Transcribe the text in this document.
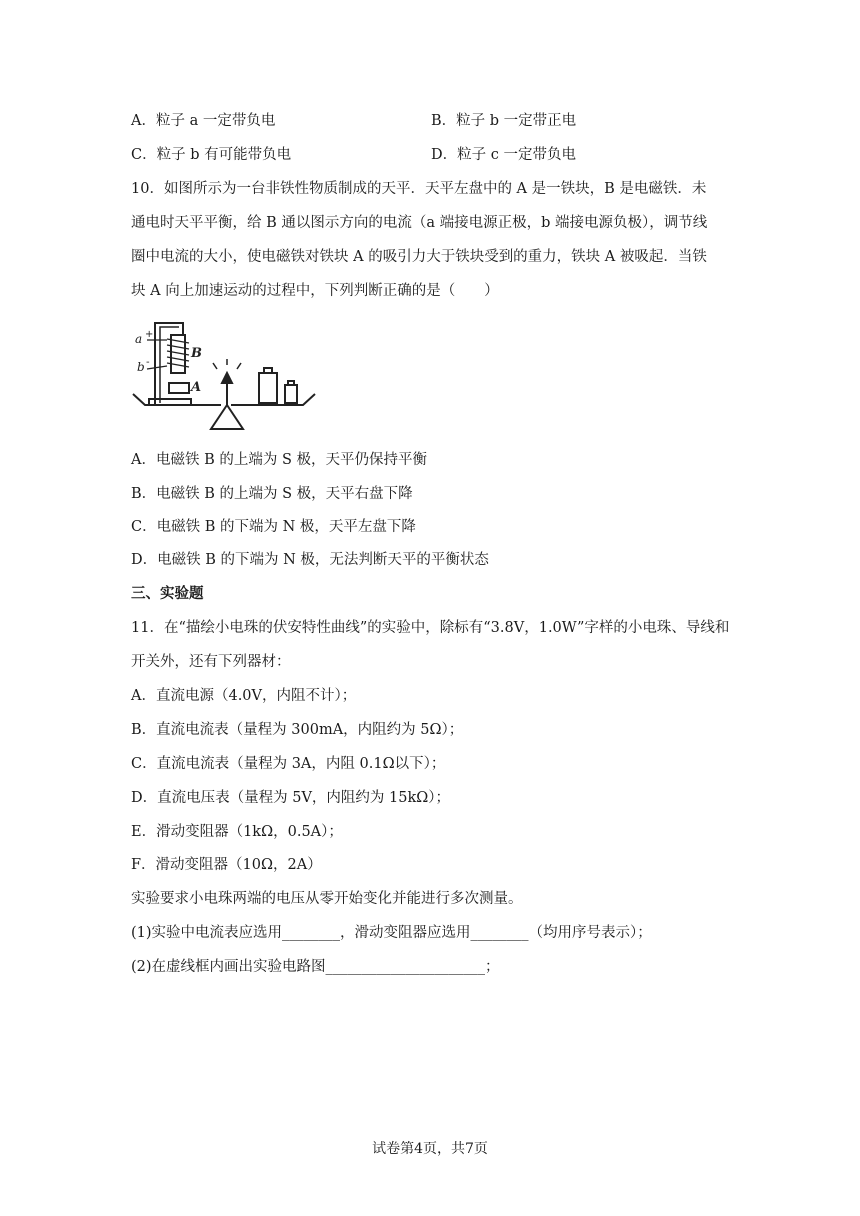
A．粒子 a 一定带负电	B．粒子 b 一定带正电
C．粒子 b 有可能带负电	D．粒子 c 一定带负电
10．如图所示为一台非铁性物质制成的天平．天平左盘中的 A 是一铁块，B 是电磁铁．未
通电时天平平衡，给 B 通以图示方向的电流（a 端接电源正极，b 端接电源负极），调节线
圈中电流的大小，使电磁铁对铁块 A 的吸引力大于铁块受到的重力，铁块 A 被吸起．当铁
块 A 向上加速运动的过程中，下列判断正确的是（　　）
a +
b -
B
A
A．电磁铁 B 的上端为 S 极，天平仍保持平衡
B．电磁铁 B 的上端为 S 极，天平右盘下降
C．电磁铁 B 的下端为 N 极，天平左盘下降
D．电磁铁 B 的下端为 N 极，无法判断天平的平衡状态
三、实验题
11．在“描绘小电珠的伏安特性曲线”的实验中，除标有“3.8V，1.0W”字样的小电珠、导线和
开关外，还有下列器材：
A．直流电源（4.0V，内阻不计）；
B．直流电流表（量程为 300mA，内阻约为 5Ω）；
C．直流电流表（量程为 3A，内阻 0.1Ω以下）；
D．直流电压表（量程为 5V，内阻约为 15kΩ）；
E．滑动变阻器（1kΩ，0.5A）；
F．滑动变阻器（10Ω，2A）
实验要求小电珠两端的电压从零开始变化并能进行多次测量。
(1)实验中电流表应选用________，滑动变阻器应选用________（均用序号表示）；
(2)在虚线框内画出实验电路图______________________；
试卷第4页，共7页
